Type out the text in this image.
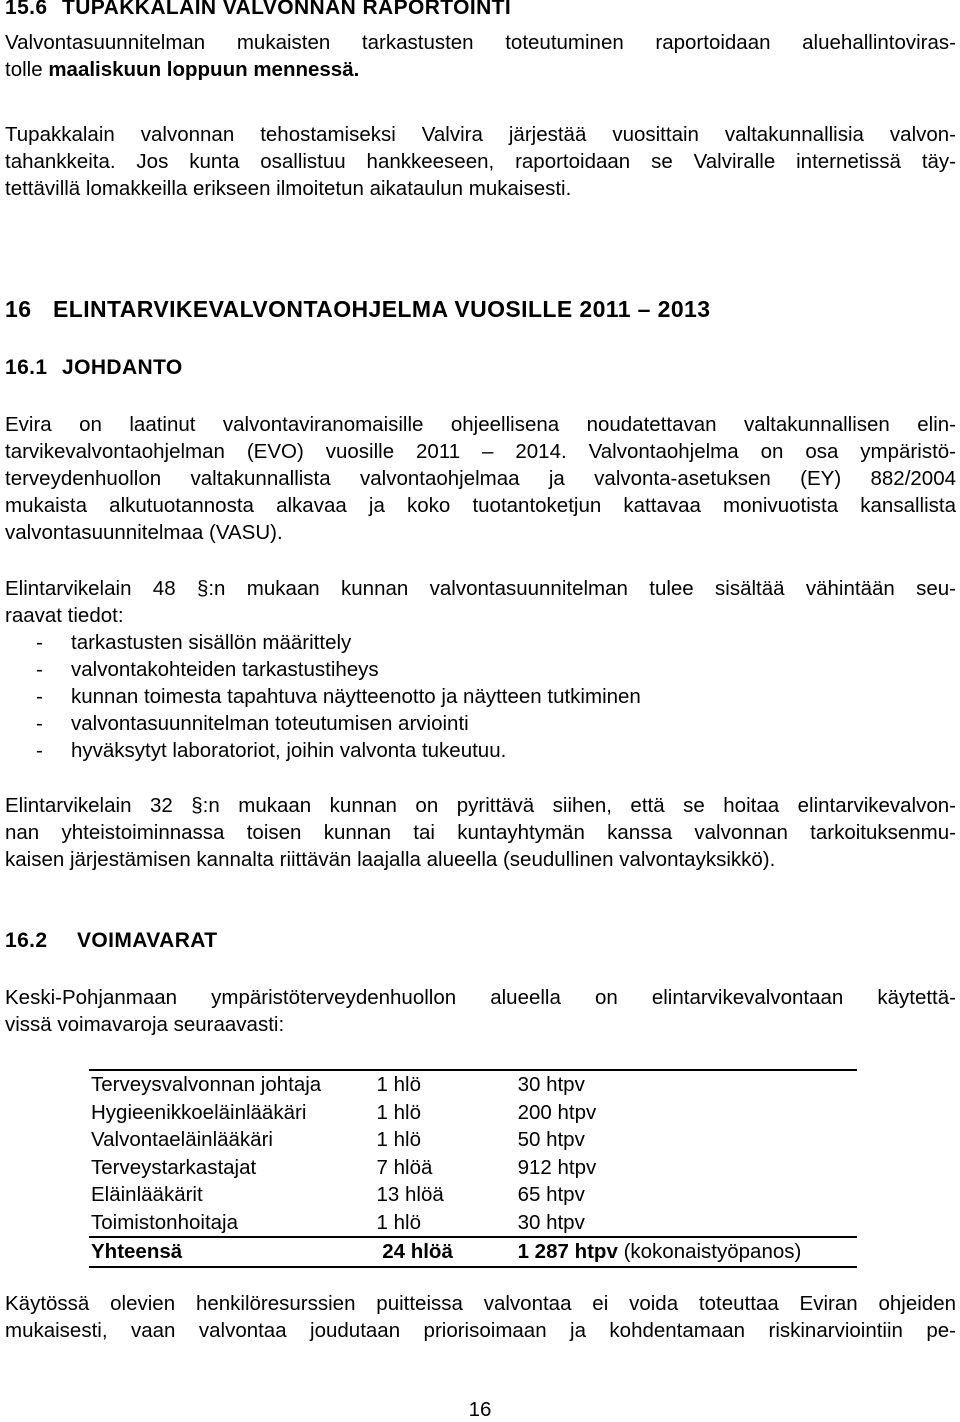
15.6 TUPAKKALAIN VALVONNAN RAPORTOINTI
Valvontasuunnitelman mukaisten tarkastusten toteutuminen raportoidaan aluehallintoviras-
tolle maaliskuun loppuun mennessä.
Tupakkalain valvonnan tehostamiseksi Valvira järjestää vuosittain valtakunnallisia valvon-
tahankkeita. Jos kunta osallistuu hankkeeseen, raportoidaan se Valviralle internetissä täy-
tettävillä lomakkeilla erikseen ilmoitetun aikataulun mukaisesti.
16 ELINTARVIKEVALVONTAOHJELMA VUOSILLE 2011 – 2013
16.1 JOHDANTO
Evira on laatinut valvontaviranomaisille ohjeellisena noudatettavan valtakunnallisen elin-
tarvikevalvontaohjelman (EVO) vuosille 2011 – 2014. Valvontaohjelma on osa ympäristö-
terveydenhuollon valtakunnallista valvontaohjelmaa ja valvonta-asetuksen (EY) 882/2004
mukaista alkutuotannosta alkavaa ja koko tuotantoketjun kattavaa monivuotista kansallista
valvontasuunnitelmaa (VASU).
Elintarvikelain 48 §:n mukaan kunnan valvontasuunnitelman tulee sisältää vähintään seu-
raavat tiedot:
- tarkastusten sisällön määrittely
- valvontakohteiden tarkastustiheys
- kunnan toimesta tapahtuva näytteenotto ja näytteen tutkiminen
- valvontasuunnitelman toteutumisen arviointi
- hyväksytyt laboratoriot, joihin valvonta tukeutuu.
Elintarvikelain 32 §:n mukaan kunnan on pyrittävä siihen, että se hoitaa elintarvikevalvon-
nan yhteistoiminnassa toisen kunnan tai kuntayhtymän kanssa valvonnan tarkoituksenmu-
kaisen järjestämisen kannalta riittävän laajalla alueella (seudullinen valvontayksikkö).
16.2 VOIMAVARAT
Keski-Pohjanmaan ympäristöterveydenhuollon alueella on elintarvikevalvontaan käytettä-
vissä voimavaroja seuraavasti:
Terveysvalvonnan johtaja	1 hlö	30 htpv
Hygieenikkoeläinlääkäri	1 hlö	200 htpv
Valvontaeläinlääkäri	1 hlö	50 htpv
Terveystarkastajat	7 hlöä	912 htpv
Eläinlääkärit	13 hlöä	65 htpv
Toimistonhoitaja	1 hlö	30 htpv
Yhteensä	24 hlöä	1 287 htpv (kokonaistyöpanos)
Käytössä olevien henkilöresurssien puitteissa valvontaa ei voida toteuttaa Eviran ohjeiden
mukaisesti, vaan valvontaa joudutaan priorisoimaan ja kohdentamaan riskinarviointiin pe-
16
